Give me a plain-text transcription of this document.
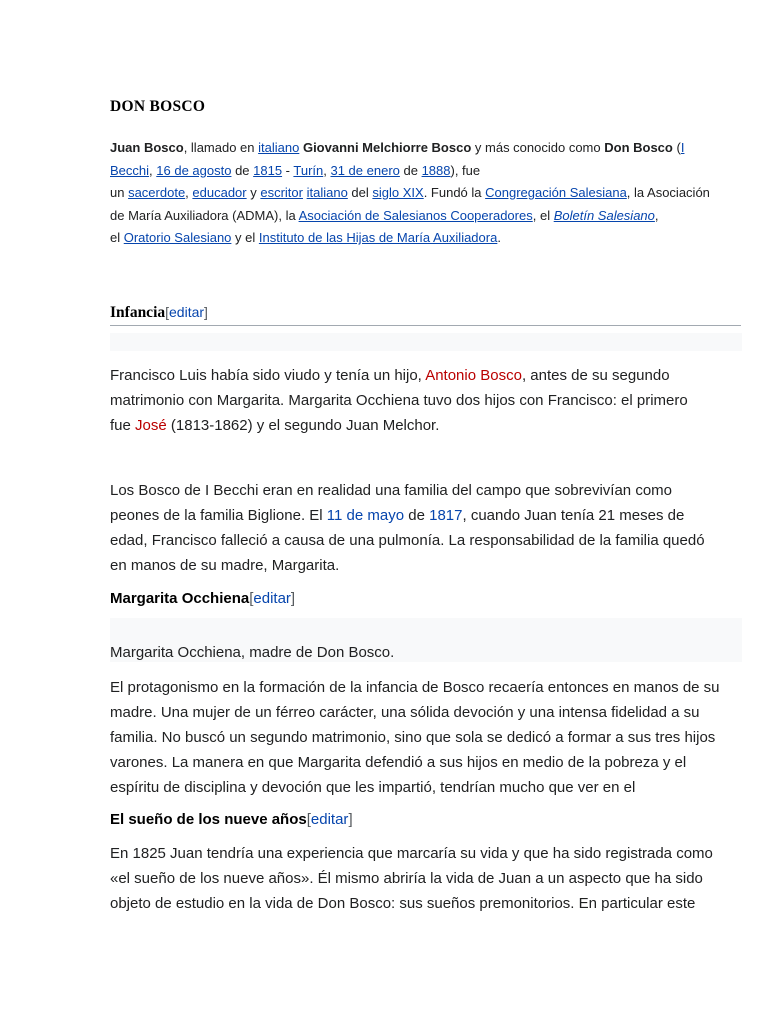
DON BOSCO
Juan Bosco, llamado en italiano Giovanni Melchiorre Bosco y más conocido como Don Bosco (I
Becchi, 16 de agosto de 1815 - Turín, 31 de enero de 1888), fue
un sacerdote, educador y escritor italiano del siglo XIX. Fundó la Congregación Salesiana, la Asociación
de María Auxiliadora (ADMA), la Asociación de Salesianos Cooperadores, el Boletín Salesiano,
el Oratorio Salesiano y el Instituto de las Hijas de María Auxiliadora.
Infancia[editar]
Francisco Luis había sido viudo y tenía un hijo, Antonio Bosco, antes de su segundo
matrimonio con Margarita. Margarita Occhiena tuvo dos hijos con Francisco: el primero
fue José (1813-1862) y el segundo Juan Melchor.
Los Bosco de I Becchi eran en realidad una familia del campo que sobrevivían como
peones de la familia Biglione. El 11 de mayo de 1817, cuando Juan tenía 21 meses de
edad, Francisco falleció a causa de una pulmonía. La responsabilidad de la familia quedó
en manos de su madre, Margarita.
Margarita Occhiena[editar]
Margarita Occhiena, madre de Don Bosco.
El protagonismo en la formación de la infancia de Bosco recaería entonces en manos de su
madre. Una mujer de un férreo carácter, una sólida devoción y una intensa fidelidad a su
familia. No buscó un segundo matrimonio, sino que sola se dedicó a formar a sus tres hijos
varones. La manera en que Margarita defendió a sus hijos en medio de la pobreza y el
espíritu de disciplina y devoción que les impartió, tendrían mucho que ver en el
El sueño de los nueve años[editar]
En 1825 Juan tendría una experiencia que marcaría su vida y que ha sido registrada como
«el sueño de los nueve años». Él mismo abriría la vida de Juan a un aspecto que ha sido
objeto de estudio en la vida de Don Bosco: sus sueños premonitorios. En particular este
